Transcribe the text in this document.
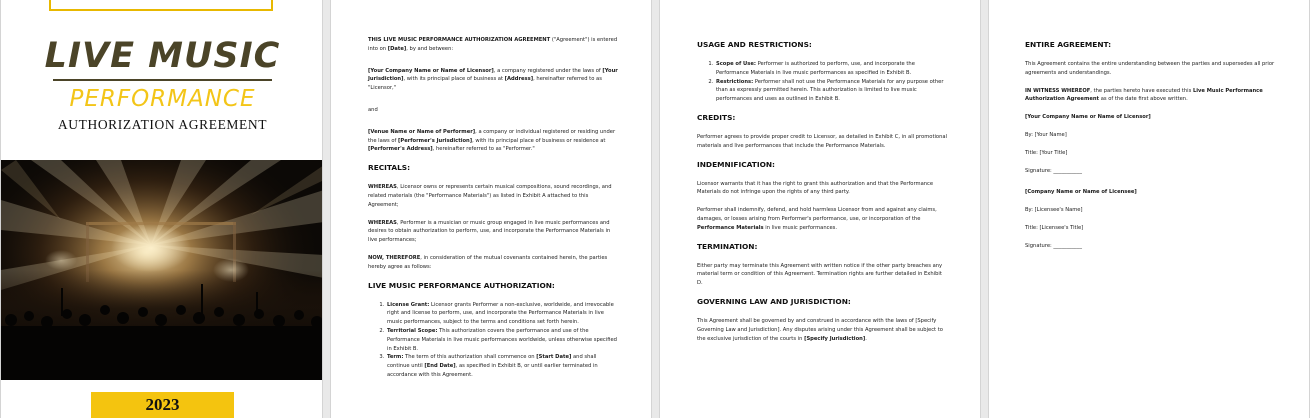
LIVE MUSIC
PERFORMANCE
AUTHORIZATION AGREEMENT
2023

THIS LIVE MUSIC PERFORMANCE AUTHORIZATION AGREEMENT ("Agreement") is entered into on [Date], by and between:

[Your Company Name or Name of Licensor], a company registered under the laws of [Your Jurisdiction], with its principal place of business at [Address], hereinafter referred to as "Licensor,"

and

[Venue Name or Name of Performer], a company or individual registered or residing under the laws of [Performer's Jurisdiction], with its principal place of business or residence at [Performer's Address], hereinafter referred to as "Performer."

RECITALS:

WHEREAS, Licensor owns or represents certain musical compositions, sound recordings, and related materials (the "Performance Materials") as listed in Exhibit A attached to this Agreement;

WHEREAS, Performer is a musician or music group engaged in live music performances and desires to obtain authorization to perform, use, and incorporate the Performance Materials in live performances;

NOW, THEREFORE, in consideration of the mutual covenants contained herein, the parties hereby agree as follows:

LIVE MUSIC PERFORMANCE AUTHORIZATION:
1. License Grant: Licensor grants Performer a non-exclusive, worldwide, and irrevocable right and license to perform, use, and incorporate the Performance Materials in live music performances, subject to the terms and conditions set forth herein.
2. Territorial Scope: This authorization covers the performance and use of the Performance Materials in live music performances worldwide, unless otherwise specified in Exhibit B.
3. Term: The term of this authorization shall commence on [Start Date] and shall continue until [End Date], as specified in Exhibit B, or until earlier terminated in accordance with this Agreement.
USAGE AND RESTRICTIONS:
1. Scope of Use: Performer is authorized to perform, use, and incorporate the Performance Materials in live music performances as specified in Exhibit B.
2. Restrictions: Performer shall not use the Performance Materials for any purpose other than as expressly permitted herein. This authorization is limited to live music performances and uses as outlined in Exhibit B.
CREDITS:

Performer agrees to provide proper credit to Licensor, as detailed in Exhibit C, in all promotional materials and live performances that include the Performance Materials.

INDEMNIFICATION:

Licensor warrants that it has the right to grant this authorization and that the Performance Materials do not infringe upon the rights of any third party.

Performer shall indemnify, defend, and hold harmless Licensor from and against any claims, damages, or losses arising from Performer's performance, use, or incorporation of the Performance Materials in live music performances.

TERMINATION:

Either party may terminate this Agreement with written notice if the other party breaches any material term or condition of this Agreement. Termination rights are further detailed in Exhibit D.

GOVERNING LAW AND JURISDICTION:

This Agreement shall be governed by and construed in accordance with the laws of [Specify Governing Law and Jurisdiction]. Any disputes arising under this Agreement shall be subject to the exclusive jurisdiction of the courts in [Specify Jurisdiction].

ENTIRE AGREEMENT:

This Agreement contains the entire understanding between the parties and supersedes all prior agreements and understandings.

IN WITNESS WHEREOF, the parties hereto have executed this Live Music Performance Authorization Agreement as of the date first above written.

[Your Company Name or Name of Licensor]

By: [Your Name]

Title: [Your Title]

Signature: ___________

[Company Name or Name of Licensee]

By: [Licensee's Name]

Title: [Licensee's Title]

Signature: ___________
